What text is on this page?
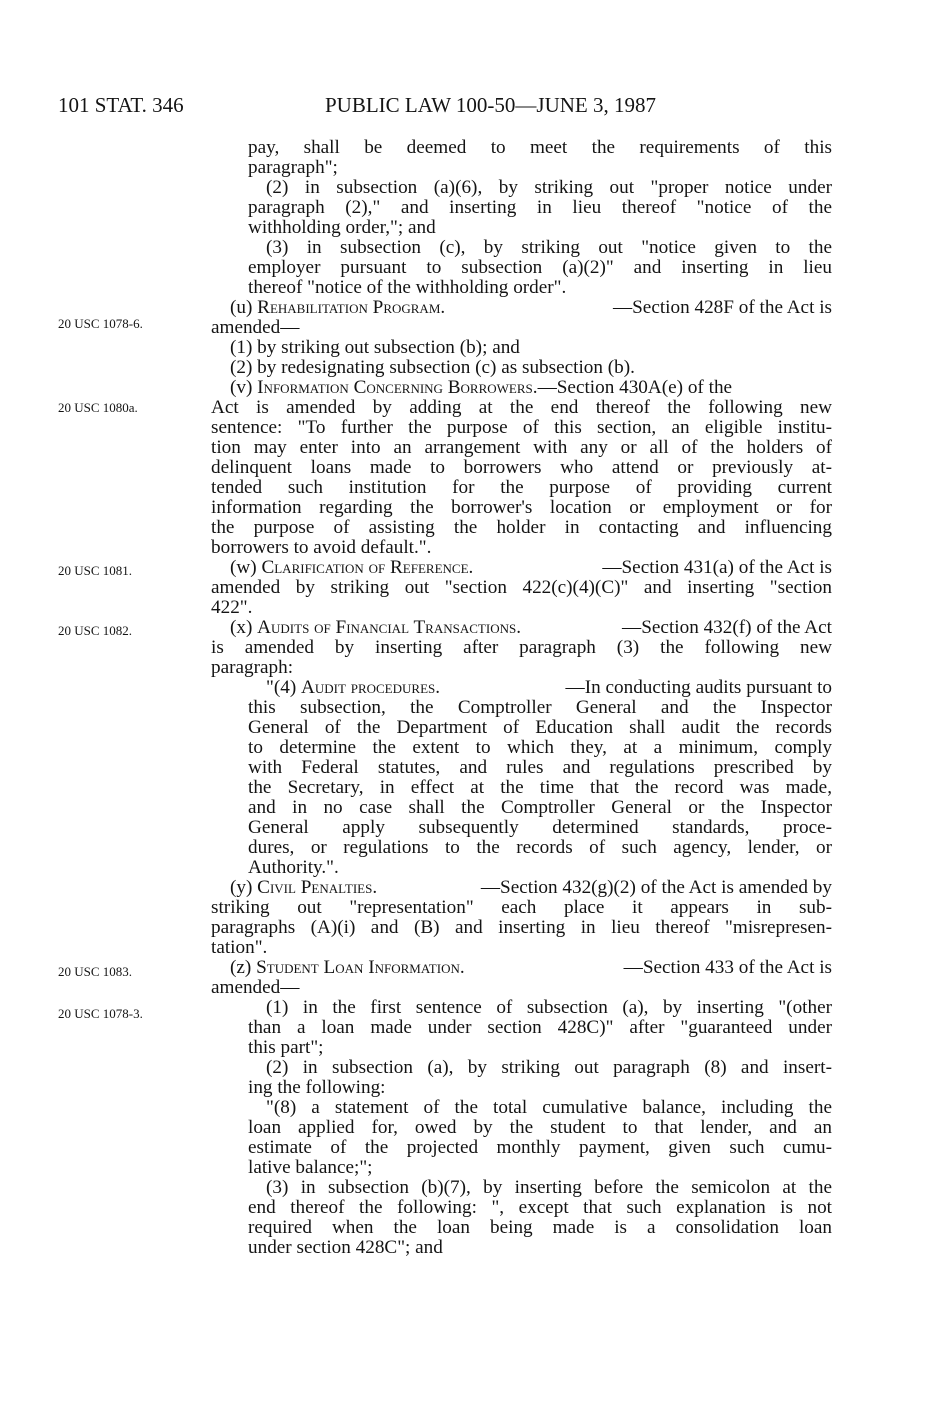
101 STAT. 346	PUBLIC LAW 100-50—JUNE 3, 1987
20 USC 1078-6.
20 USC 1080a.
20 USC 1081.
20 USC 1082.
20 USC 1083.
20 USC 1078-3.
pay, shall be deemed to meet the requirements of this
paragraph";
(2) in subsection (a)(6), by striking out "proper notice under
paragraph (2)," and inserting in lieu thereof "notice of the
withholding order,"; and
(3) in subsection (c), by striking out "notice given to the
employer pursuant to subsection (a)(2)" and inserting in lieu
thereof "notice of the withholding order".
(u) Rehabilitation Program.	—Section 428F of the Act is
amended—
(1) by striking out subsection (b); and
(2) by redesignating subsection (c) as subsection (b).
(v) Information Concerning Borrowers.—Section 430A(e) of the
Act is amended by adding at the end thereof the following new
sentence: "To further the purpose of this section, an eligible institu-
tion may enter into an arrangement with any or all of the holders of
delinquent loans made to borrowers who attend or previously at-
tended such institution for the purpose of providing current
information regarding the borrower's location or employment or for
the purpose of assisting the holder in contacting and influencing
borrowers to avoid default.".
(w) Clarification of Reference.	—Section 431(a) of the Act is
amended by striking out "section 422(c)(4)(C)" and inserting "section
422".
(x) Audits of Financial Transactions.	—Section 432(f) of the Act
is amended by inserting after paragraph (3) the following new
paragraph:
"(4) Audit procedures.	—In conducting audits pursuant to
this subsection, the Comptroller General and the Inspector
General of the Department of Education shall audit the records
to determine the extent to which they, at a minimum, comply
with Federal statutes, and rules and regulations prescribed by
the Secretary, in effect at the time that the record was made,
and in no case shall the Comptroller General or the Inspector
General apply subsequently determined standards, proce-
dures, or regulations to the records of such agency, lender, or
Authority.".
(y) Civil Penalties.	—Section 432(g)(2) of the Act is amended by
striking out "representation" each place it appears in sub-
paragraphs (A)(i) and (B) and inserting in lieu thereof "misrepresen-
tation".
(z) Student Loan Information.	—Section 433 of the Act is
amended—
(1) in the first sentence of subsection (a), by inserting "(other
than a loan made under section 428C)" after "guaranteed under
this part";
(2) in subsection (a), by striking out paragraph (8) and insert-
ing the following:
"(8) a statement of the total cumulative balance, including the
loan applied for, owed by the student to that lender, and an
estimate of the projected monthly payment, given such cumu-
lative balance;";
(3) in subsection (b)(7), by inserting before the semicolon at the
end thereof the following: ", except that such explanation is not
required when the loan being made is a consolidation loan
under section 428C"; and
